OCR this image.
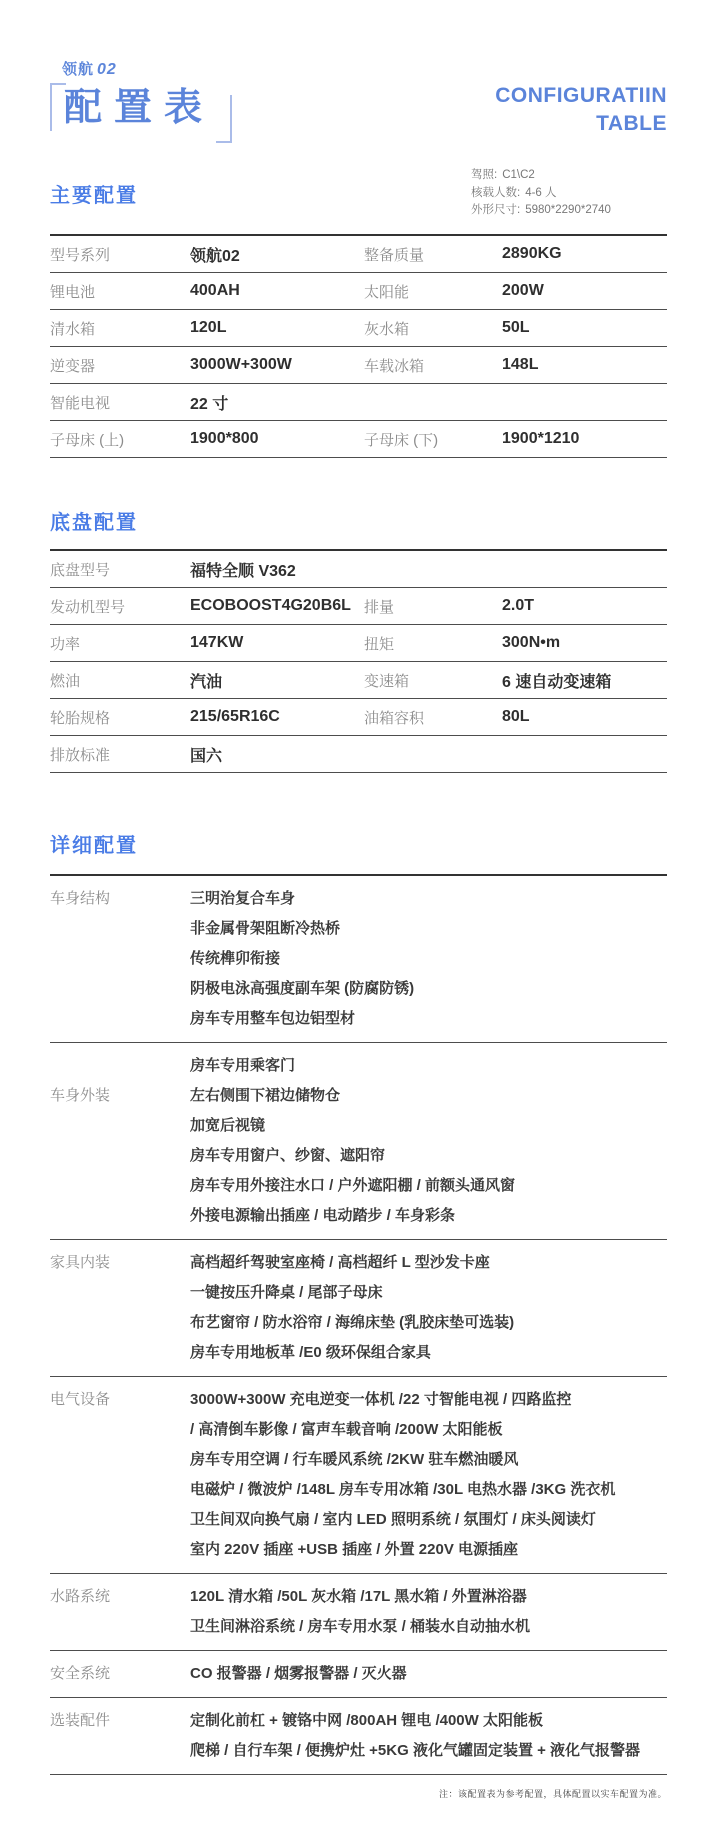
领航 02
配置表	CONFIGURATIIN
TABLE
主要配置
驾照: C1\C2
核载人数: 4-6 人
外形尺寸: 5980*2290*2740
型号系列	领航02	整备质量	2890KG
锂电池	400AH	太阳能	200W
清水箱	120L	灰水箱	50L
逆变器	3000W+300W	车载冰箱	148L
智能电视	22 寸
子母床 (上)	1900*800	子母床 (下)	1900*1210
底盘配置
底盘型号	福特全顺 V362
发动机型号	ECOBOOST4G20B6L 排量	2.0T
功率	147KW	扭矩	300N•m
燃油	汽油	变速箱	6 速自动变速箱
轮胎规格	215/65R16C	油箱容积	80L
排放标准	国六
详细配置
车身结构	三明治复合车身
非金属骨架阻断冷热桥
传统榫卯衔接
阴极电泳高强度副车架 (防腐防锈)
房车专用整车包边铝型材
车身外装
房车专用乘客门
左右侧围下裙边储物仓
加宽后视镜
房车专用窗户、纱窗、遮阳帘
房车专用外接注水口 / 户外遮阳棚 / 前额头通风窗
外接电源输出插座 / 电动踏步 / 车身彩条
家具内装	高档超纤驾驶室座椅 / 高档超纤 L 型沙发卡座
一键按压升降桌 / 尾部子母床
布艺窗帘 / 防水浴帘 / 海绵床垫 (乳胶床垫可选装)
房车专用地板革 /E0 级环保组合家具
电气设备	3000W+300W 充电逆变一体机 /22 寸智能电视 / 四路监控
/ 高清倒车影像 / 富声车载音响 /200W 太阳能板
房车专用空调 / 行车暖风系统 /2KW 驻车燃油暖风
电磁炉 / 微波炉 /148L 房车专用冰箱 /30L 电热水器 /3KG 洗衣机
卫生间双向换气扇 / 室内 LED 照明系统 / 氛围灯 / 床头阅读灯
室内 220V 插座 +USB 插座 / 外置 220V 电源插座
水路系统	120L 清水箱 /50L 灰水箱 /17L 黑水箱 / 外置淋浴器
卫生间淋浴系统 / 房车专用水泵 / 桶装水自动抽水机
安全系统	CO 报警器 / 烟雾报警器 / 灭火器
选装配件	定制化前杠 + 镀铬中网 /800AH 锂电 /400W 太阳能板
爬梯 / 自行车架 / 便携炉灶 +5KG 液化气罐固定装置 + 液化气报警器
注：该配置表为参考配置，具体配置以实车配置为准。
